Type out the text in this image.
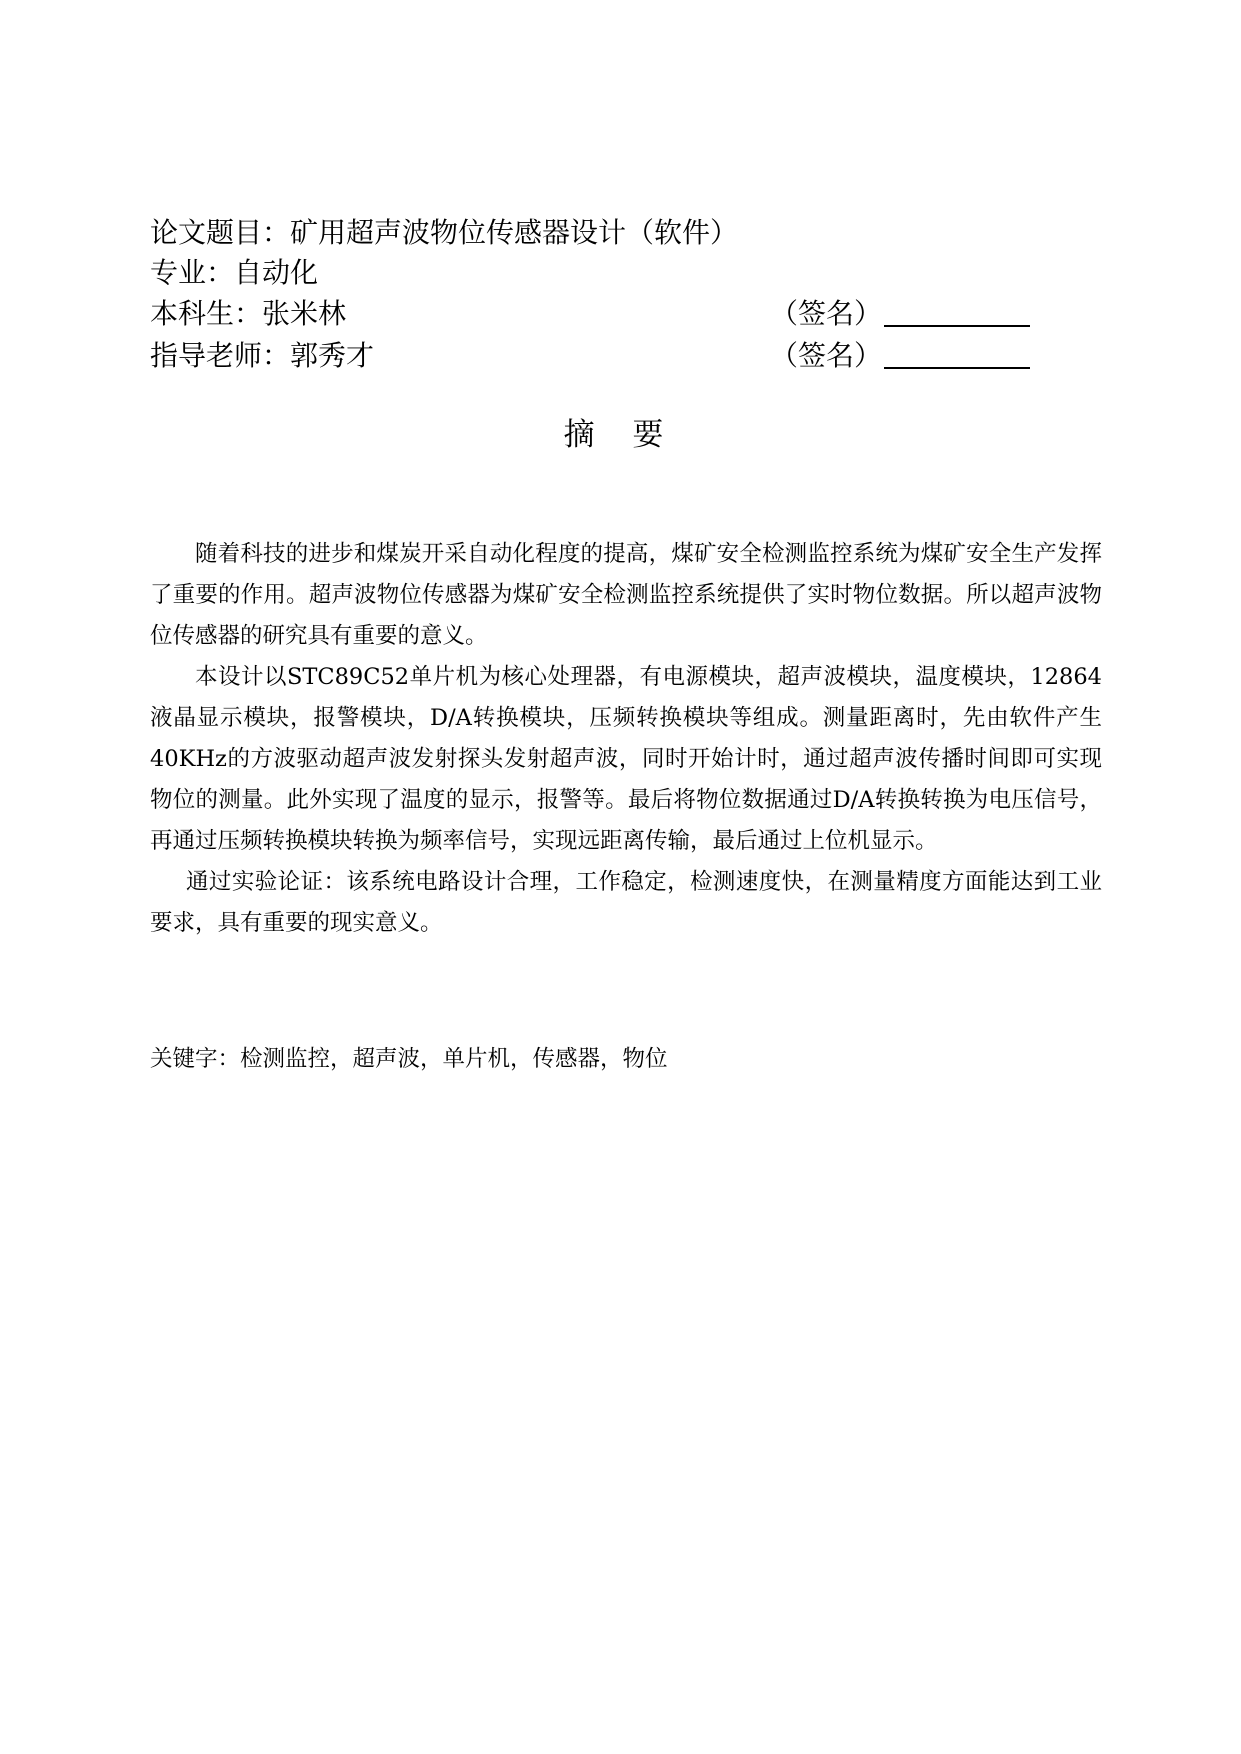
论文题目：矿用超声波物位传感器设计（软件）
专业：自动化
本科生：张米林	（签名）
指导老师：郭秀才	（签名）
摘 要

随着科技的进步和煤炭开采自动化程度的提高，煤矿安全检测监控系统为煤矿安全生产发挥了重要的作用。超声波物位传感器为煤矿安全检测监控系统提供了实时物位数据。所以超声波物位传感器的研究具有重要的意义。

本设计以STC89C52单片机为核心处理器，有电源模块，超声波模块，温度模块，12864液晶显示模块，报警模块，D/A转换模块，压频转换模块等组成。测量距离时，先由软件产生40KHz的方波驱动超声波发射探头发射超声波，同时开始计时，通过超声波传播时间即可实现物位的测量。此外实现了温度的显示，报警等。最后将物位数据通过D/A转换转换为电压信号，再通过压频转换模块转换为频率信号，实现远距离传输，最后通过上位机显示。

通过实验论证：该系统电路设计合理，工作稳定，检测速度快，在测量精度方面能达到工业要求，具有重要的现实意义。

关键字：检测监控，超声波，单片机，传感器，物位
